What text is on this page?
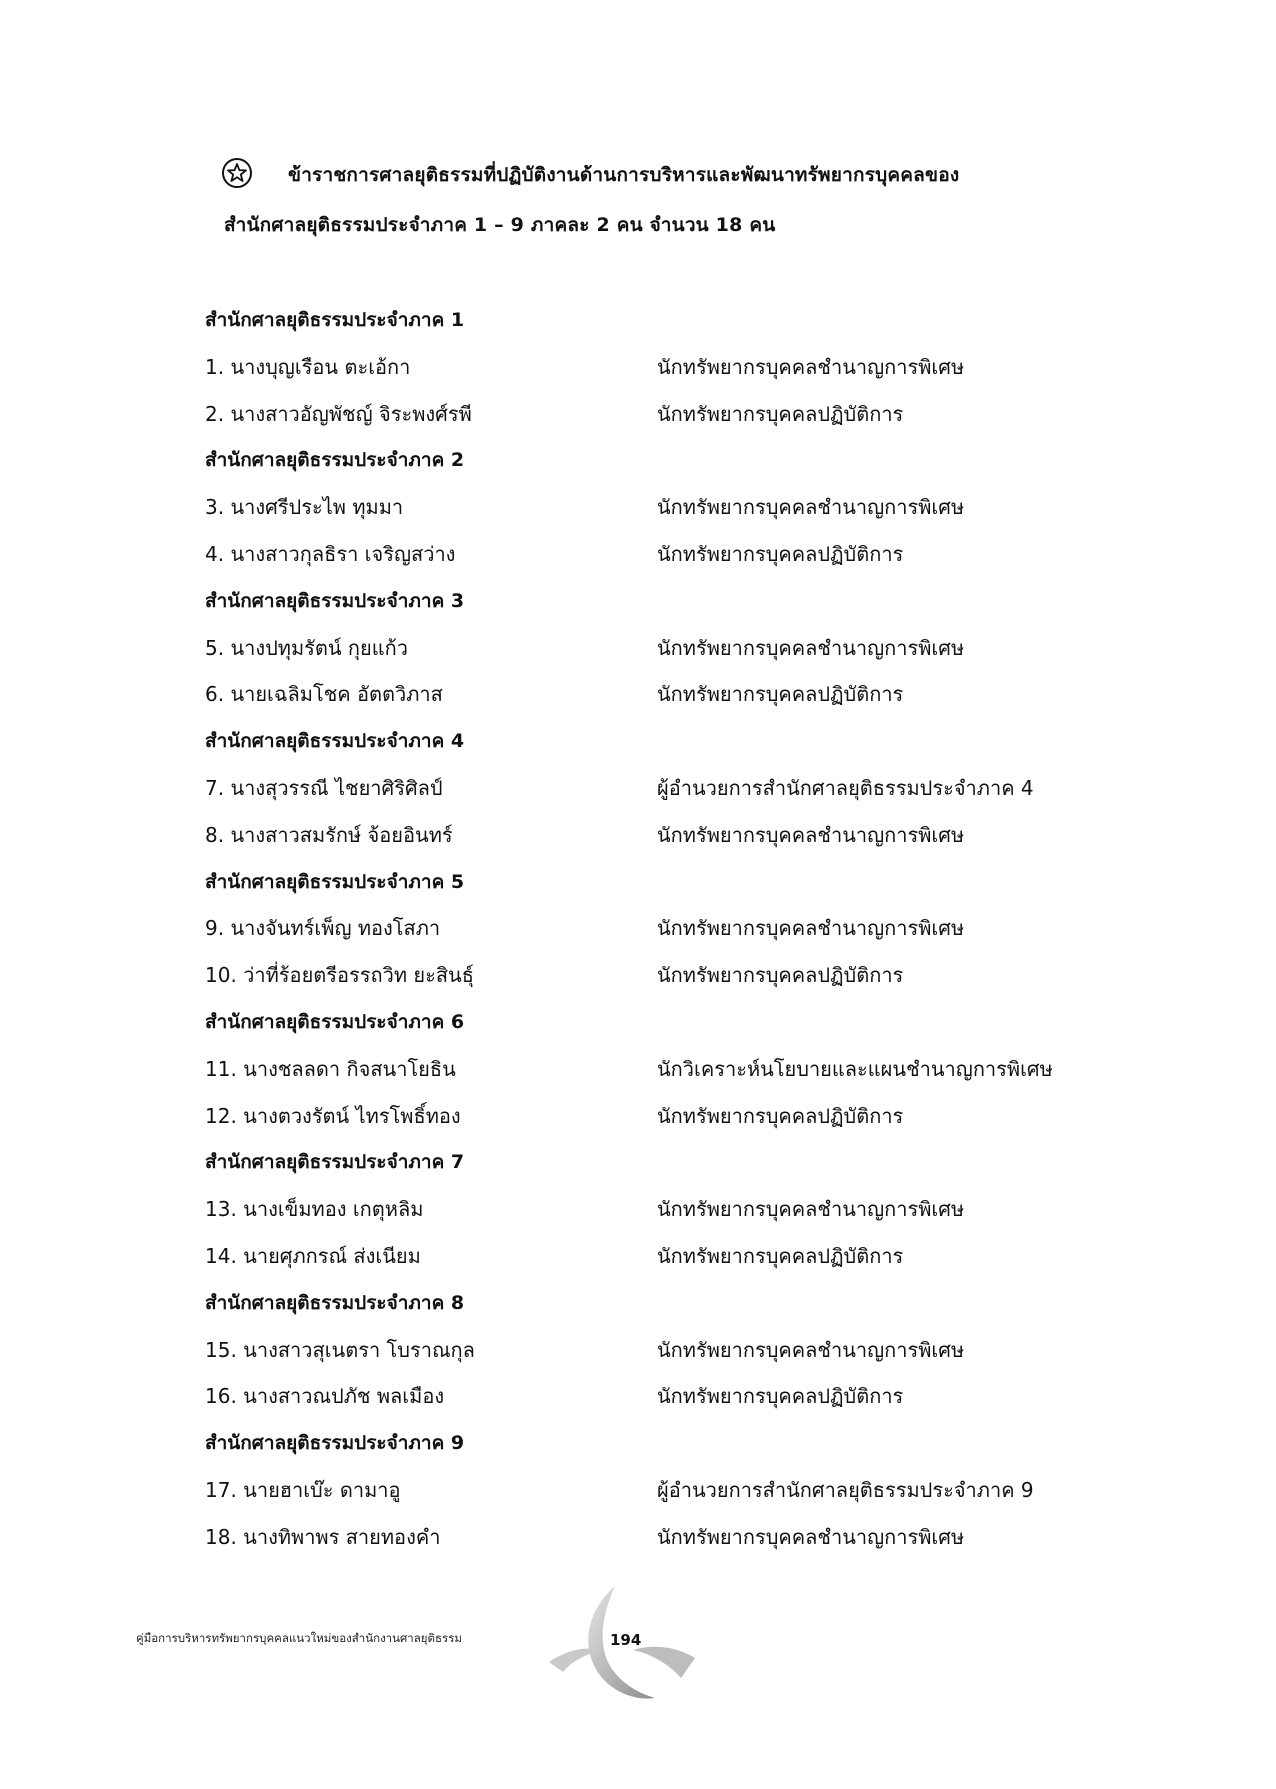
ข้าราชการศาลยุติธรรมที่ปฏิบัติงานด้านการบริหารและพัฒนาทรัพยากรบุคคลของ
สำนักศาลยุติธรรมประจำภาค 1 – 9 ภาคละ 2 คน จำนวน 18 คน
สำนักศาลยุติธรรมประจำภาค 1
1. นางบุญเรือน ตะเอ้กา	นักทรัพยากรบุคคลชำนาญการพิเศษ
2. นางสาวอัญพัชญ์ จิระพงศ์รพี	นักทรัพยากรบุคคลปฏิบัติการ
สำนักศาลยุติธรรมประจำภาค 2
3. นางศรีประไพ ทุมมา	นักทรัพยากรบุคคลชำนาญการพิเศษ
4. นางสาวกุลธิรา เจริญสว่าง	นักทรัพยากรบุคคลปฏิบัติการ
สำนักศาลยุติธรรมประจำภาค 3
5. นางปทุมรัตน์ กุยแก้ว	นักทรัพยากรบุคคลชำนาญการพิเศษ
6. นายเฉลิมโชค อัตตวิภาส	นักทรัพยากรบุคคลปฏิบัติการ
สำนักศาลยุติธรรมประจำภาค 4
7. นางสุวรรณี ไชยาศิริศิลป์	ผู้อำนวยการสำนักศาลยุติธรรมประจำภาค 4
8. นางสาวสมรักษ์ จ้อยอินทร์	นักทรัพยากรบุคคลชำนาญการพิเศษ
สำนักศาลยุติธรรมประจำภาค 5
9. นางจันทร์เพ็ญ ทองโสภา	นักทรัพยากรบุคคลชำนาญการพิเศษ
10. ว่าที่ร้อยตรีอรรถวิท ยะสินธุ์	นักทรัพยากรบุคคลปฏิบัติการ
สำนักศาลยุติธรรมประจำภาค 6
11. นางชลลดา กิจสนาโยธิน	นักวิเคราะห์นโยบายและแผนชำนาญการพิเศษ
12. นางตวงรัตน์ ไทรโพธิ์ทอง	นักทรัพยากรบุคคลปฏิบัติการ
สำนักศาลยุติธรรมประจำภาค 7
13. นางเข็มทอง เกตุหลิม	นักทรัพยากรบุคคลชำนาญการพิเศษ
14. นายศุภกรณ์ ส่งเนียม	นักทรัพยากรบุคคลปฏิบัติการ
สำนักศาลยุติธรรมประจำภาค 8
15. นางสาวสุเนตรา โบราณกุล	นักทรัพยากรบุคคลชำนาญการพิเศษ
16. นางสาวณปภัช พลเมือง	นักทรัพยากรบุคคลปฏิบัติการ
สำนักศาลยุติธรรมประจำภาค 9
17. นายฮาเบ๊ะ ดามาอู	ผู้อำนวยการสำนักศาลยุติธรรมประจำภาค 9
18. นางทิพาพร สายทองคำ	นักทรัพยากรบุคคลชำนาญการพิเศษ
คู่มือการบริหารทรัพยากรบุคคลแนวใหม่ของสำนักงานศาลยุติธรรม	194
